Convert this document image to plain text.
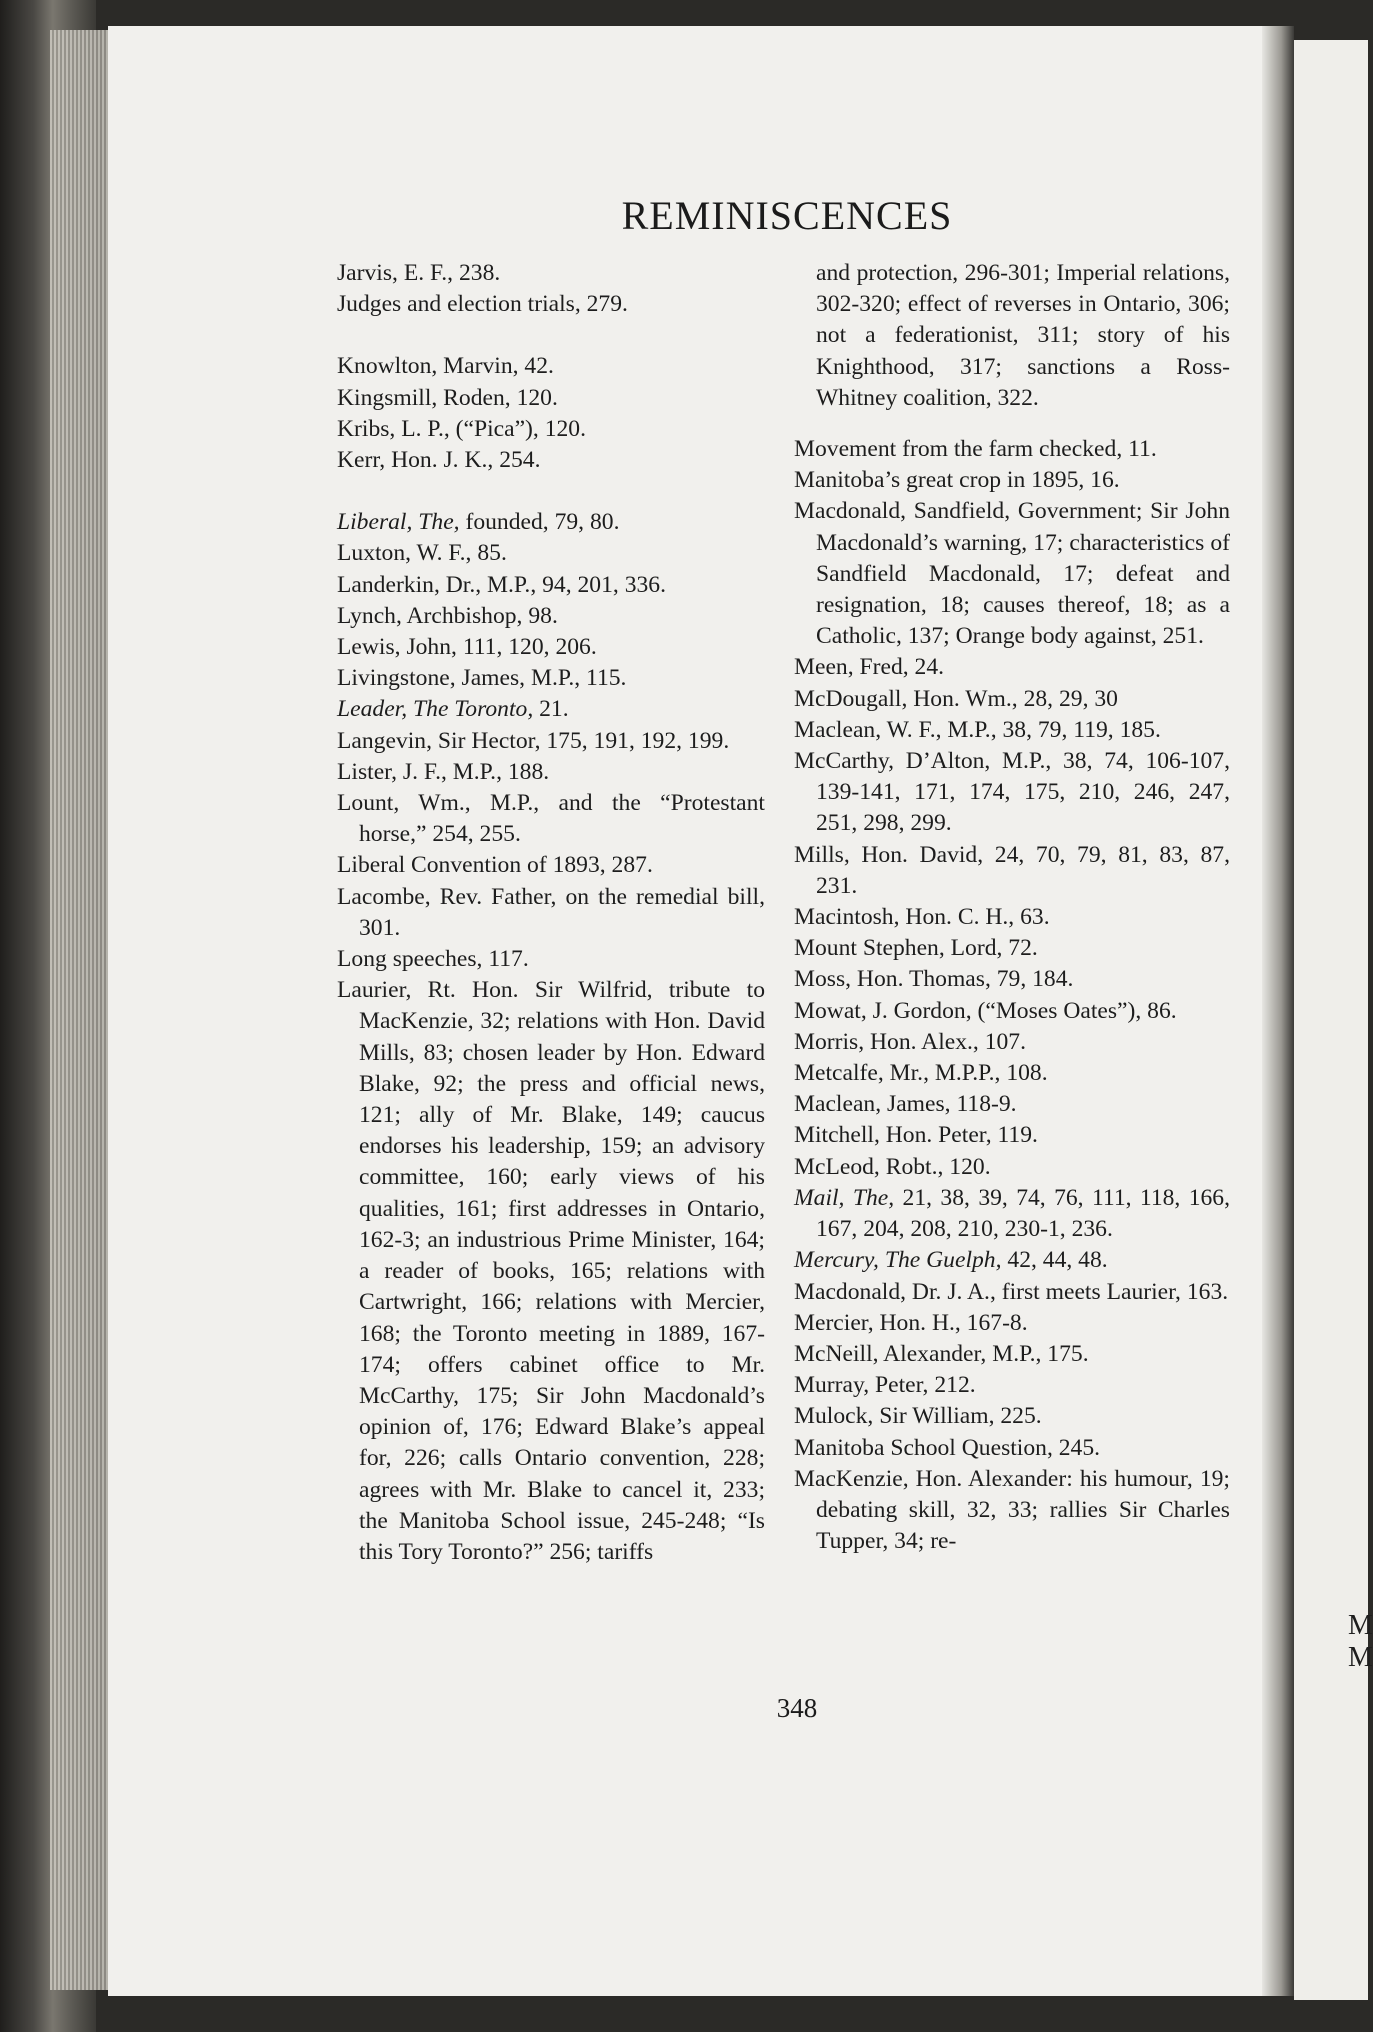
M
M
REMINISCENCES
Jarvis, E. F., 238.
Judges and election trials, 279.
Knowlton, Marvin, 42.
Kingsmill, Roden, 120.
Kribs, L. P., (“Pica”), 120.
Kerr, Hon. J. K., 254.
Liberal, The, founded, 79, 80.
Luxton, W. F., 85.
Landerkin, Dr., M.P., 94, 201, 336.
Lynch, Archbishop, 98.
Lewis, John, 111, 120, 206.
Livingstone, James, M.P., 115.
Leader, The Toronto, 21.
Langevin, Sir Hector, 175, 191, 192, 199.
Lister, J. F., M.P., 188.
Lount, Wm., M.P., and the “Protestant horse,” 254, 255.
Liberal Convention of 1893, 287.
Lacombe, Rev. Father, on the remedial bill, 301.
Long speeches, 117.
Laurier, Rt. Hon. Sir Wilfrid, tribute to MacKenzie, 32; relations with Hon. David Mills, 83; chosen leader by Hon. Edward Blake, 92; the press and official news, 121; ally of Mr. Blake, 149; caucus endorses his leadership, 159; an advisory committee, 160; early views of his qualities, 161; first addresses in Ontario, 162-3; an industrious Prime Minister, 164; a reader of books, 165; relations with Cartwright, 166; relations with Mercier, 168; the Toronto meeting in 1889, 167-174; offers cabinet office to Mr. McCarthy, 175; Sir John Macdonald’s opinion of, 176; Edward Blake’s appeal for, 226; calls Ontario convention, 228; agrees with Mr. Blake to cancel it, 233; the Manitoba School issue, 245-248; “Is this Tory Toronto?” 256; tariffs
and protection, 296-301; Imperial relations, 302-320; effect of reverses in Ontario, 306; not a federationist, 311; story of his Knighthood, 317; sanctions a Ross-Whitney coalition, 322.
Movement from the farm checked, 11.
Manitoba’s great crop in 1895, 16.
Macdonald, Sandfield, Government; Sir John Macdonald’s warning, 17; characteristics of Sandfield Macdonald, 17; defeat and resignation, 18; causes thereof, 18; as a Catholic, 137; Orange body against, 251.
Meen, Fred, 24.
McDougall, Hon. Wm., 28, 29, 30
Maclean, W. F., M.P., 38, 79, 119, 185.
McCarthy, D’Alton, M.P., 38, 74, 106-107, 139-141, 171, 174, 175, 210, 246, 247, 251, 298, 299.
Mills, Hon. David, 24, 70, 79, 81, 83, 87, 231.
Macintosh, Hon. C. H., 63.
Mount Stephen, Lord, 72.
Moss, Hon. Thomas, 79, 184.
Mowat, J. Gordon, (“Moses Oates”), 86.
Morris, Hon. Alex., 107.
Metcalfe, Mr., M.P.P., 108.
Maclean, James, 118-9.
Mitchell, Hon. Peter, 119.
McLeod, Robt., 120.
Mail, The, 21, 38, 39, 74, 76, 111, 118, 166, 167, 204, 208, 210, 230-1, 236.
Mercury, The Guelph, 42, 44, 48.
Macdonald, Dr. J. A., first meets Laurier, 163.
Mercier, Hon. H., 167-8.
McNeill, Alexander, M.P., 175.
Murray, Peter, 212.
Mulock, Sir William, 225.
Manitoba School Question, 245.
MacKenzie, Hon. Alexander: his humour, 19; debating skill, 32, 33; rallies Sir Charles Tupper, 34; re-
348
